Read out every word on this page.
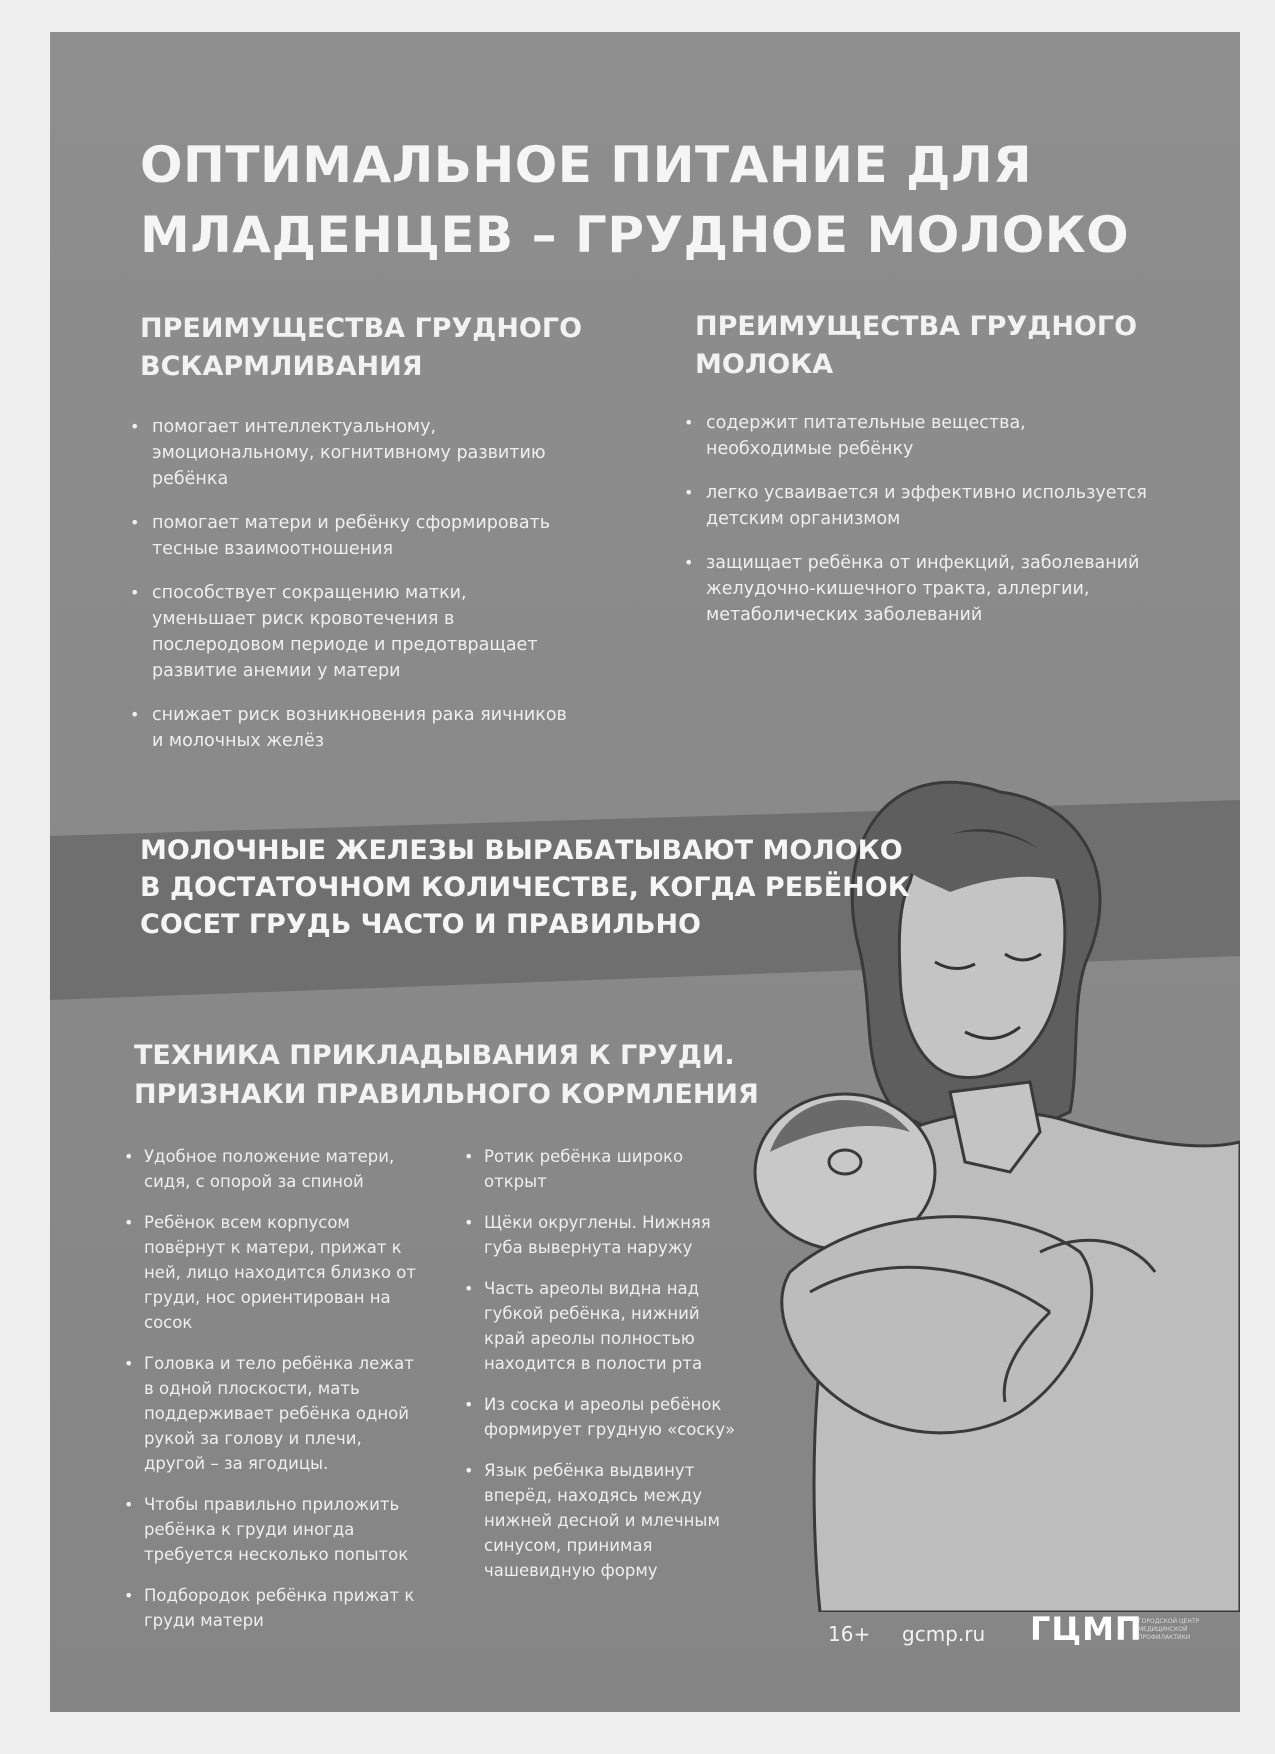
ОПТИМАЛЬНОЕ ПИТАНИЕ ДЛЯ
МЛАДЕНЦЕВ – ГРУДНОЕ МОЛОКО
ПРЕИМУЩЕСТВА ГРУДНОГО
ВСКАРМЛИВАНИЯ
• помогает интеллектуальному, эмоциональному, когнитивному развитию ребёнка
• помогает матери и ребёнку сформировать тесные взаимоотношения
• способствует сокращению матки, уменьшает риск кровотечения в послеродовом периоде и предотвращает развитие анемии у матери
• снижает риск возникновения рака яичников и молочных желёз
ПРЕИМУЩЕСТВА ГРУДНОГО
МОЛОКА
• содержит питательные вещества, необходимые ребёнку
• легко усваивается и эффективно используется детским организмом
• защищает ребёнка от инфекций, заболеваний желудочно-кишечного тракта, аллергии, метаболических заболеваний
МОЛОЧНЫЕ ЖЕЛЕЗЫ ВЫРАБАТЫВАЮТ МОЛОКО
В ДОСТАТОЧНОМ КОЛИЧЕСТВЕ, КОГДА РЕБЁНОК
СОСЕТ ГРУДЬ ЧАСТО И ПРАВИЛЬНО
ТЕХНИКА ПРИКЛАДЫВАНИЯ К ГРУДИ.
ПРИЗНАКИ ПРАВИЛЬНОГО КОРМЛЕНИЯ
• Удобное положение матери, сидя, с опорой за спиной
• Ребёнок всем корпусом повёрнут к матери, прижат к ней, лицо находится близко от груди, нос ориентирован на сосок
• Головка и тело ребёнка лежат в одной плоскости, мать поддерживает ребёнка одной рукой за голову и плечи, другой – за ягодицы.
• Чтобы правильно приложить ребёнка к груди иногда требуется несколько попыток
• Подбородок ребёнка прижат к груди матери
• Ротик ребёнка широко открыт
• Щёки округлены. Нижняя губа вывернута наружу
• Часть ареолы видна над губкой ребёнка, нижний край ареолы полностью находится в полости рта
• Из соска и ареолы ребёнок формирует грудную «соску»
• Язык ребёнка выдвинут вперёд, находясь между нижней десной и млечным синусом, принимая чашевидную форму
16+ gcmp.ru ГЦМП
ГОРОДСКОЙ ЦЕНТР
МЕДИЦИНСКОЙ
ПРОФИЛАКТИКИ
